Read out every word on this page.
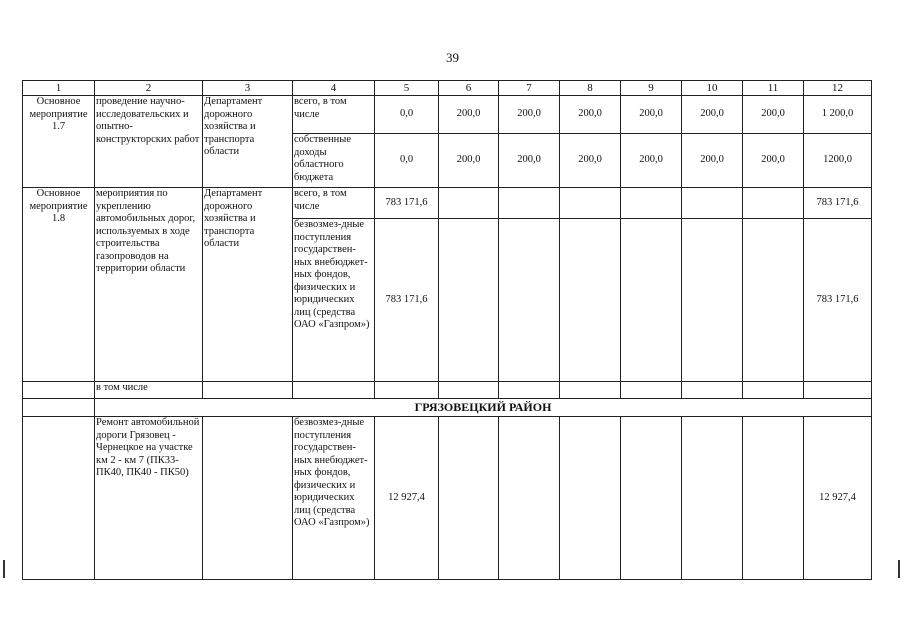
39
1	2	3	4	5	6	7	8	9	10	11	12
Основное мероприятие 1.7	проведение научно-исследовательских и опытно-конструкторских работ	Департамент дорожного хозяйства и транспорта области	всего, в том числе	0,0	200,0	200,0	200,0	200,0	200,0	200,0	1 200,0
			собственные доходы областного бюджета	0,0	200,0	200,0	200,0	200,0	200,0	200,0	1200,0
Основное мероприятие 1.8	мероприятия по укреплению автомобильных дорог, используемых в ходе строительства газопроводов на территории области	Департамент дорожного хозяйства и транспорта области	всего, в том числе	783 171,6							783 171,6
			безвозмез-дные поступления государствен-ных внебюджет-ных фондов, физических и юридических лиц (средства ОАО «Газпром»)	783 171,6							783 171,6
	в том числе										
	ГРЯЗОВЕЦКИЙ РАЙОН										
	Ремонт автомобильной дороги Грязовец - Чернецкое на участке км 2 - км 7 (ПК33-ПК40, ПК40 - ПК50)		безвозмез-дные поступления государствен-ных внебюджет-ных фондов, физических и юридических лиц (средства ОАО «Газпром»)	12 927,4							12 927,4
